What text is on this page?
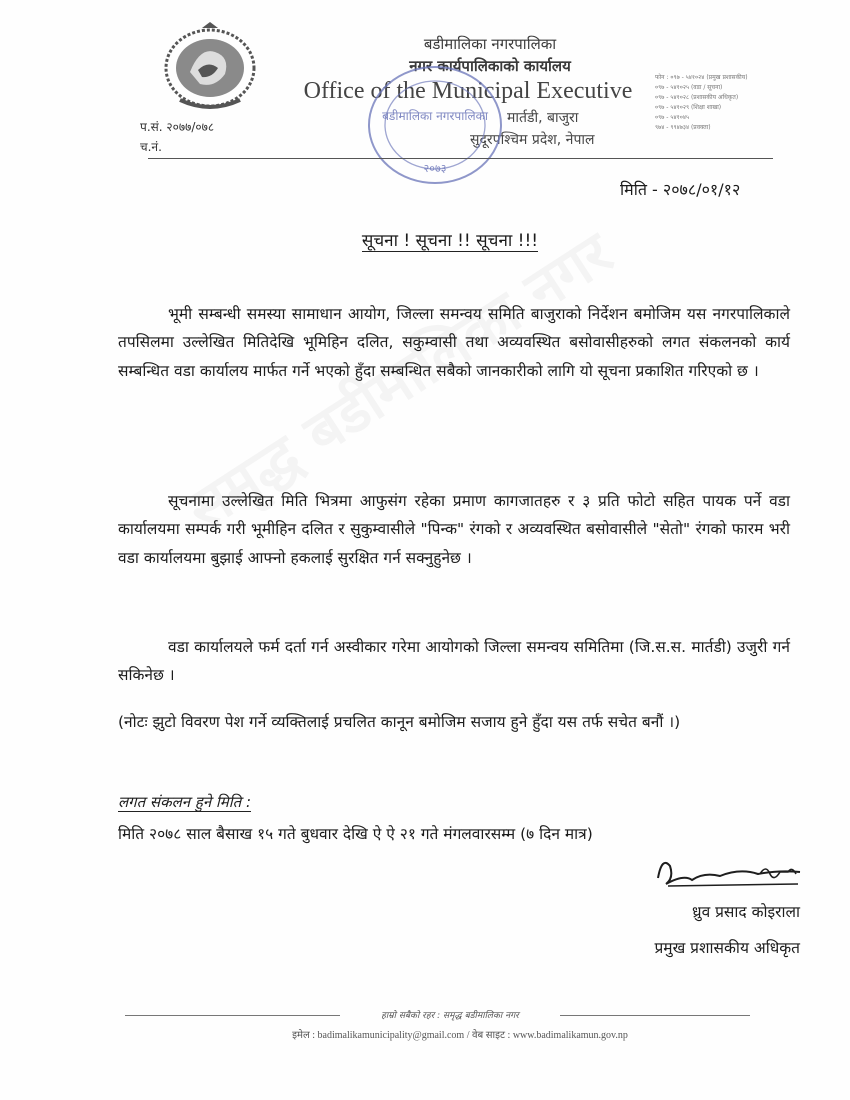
प.सं. २०७७/०७८
च.नं.
बडीमालिका नगरपालिका
नगर कार्यपालिकाको कार्यालय
Office of the Municipal Executive
मार्तडी, बाजुरा
सुदूरपश्चिम प्रदेश, नेपाल
फोन : ०९७ - ५४१०२४ (प्रमुख प्रशासकीय)
०९७ - ५४१०२५ (वडा / सूचना)
०९७ - ५४१०२८ (प्रशासकीय अधिकृत)
०९७ - ५४१०२९ (शिक्षा शाखा)
०९७ - ५४१०४५
९७४ - ९९४७३४ (प्रवक्ता)
बडीमालिका नगरपालिका
२०७३
मिति - २०७८/०१/१२
सूचना ! सूचना !! सूचना !!!
भूमी सम्बन्धी समस्या सामाधान आयोग, जिल्ला समन्वय समिति बाजुराको निर्देशन बमोजिम यस नगरपालिकाले तपसिलमा उल्लेखित मितिदेखि भूमिहिन दलित, सकुम्वासी तथा अव्यवस्थित बसोवासीहरुको लगत संकलनको कार्य सम्बन्धित वडा कार्यालय मार्फत गर्ने भएको हुँदा सम्बन्धित सबैको जानकारीको लागि यो सूचना प्रकाशित गरिएको छ ।
सूचनामा उल्लेखित मिति भित्रमा आफुसंग रहेका प्रमाण कागजातहरु र ३ प्रति फोटो सहित पायक पर्ने वडा कार्यालयमा सम्पर्क गरी भूमीहिन दलित र सुकुम्वासीले "पिन्क" रंगको र अव्यवस्थित बसोवासीले "सेतो" रंगको फारम भरी वडा कार्यालयमा बुझाई आफ्नो हकलाई सुरक्षित गर्न सक्नुहुनेछ ।
वडा कार्यालयले फर्म दर्ता गर्न अस्वीकार गरेमा आयोगको जिल्ला समन्वय समितिमा (जि.स.स. मार्तडी) उजुरी गर्न सकिनेछ ।
(नोटः झुटो विवरण पेश गर्ने व्यक्तिलाई प्रचलित कानून बमोजिम सजाय हुने हुँदा यस तर्फ सचेत बनौं ।)
लगत संकलन हुने मिति :
मिति २०७८ साल बैसाख १५ गते बुधवार देखि ऐ ऐ २१ गते मंगलवारसम्म (७ दिन मात्र)
ध्रुव प्रसाद कोइराला
प्रमुख प्रशासकीय अधिकृत
हाम्रो सबैको रहर : समृद्ध बडीमालिका नगर
इमेल : badimalikamunicipality@gmail.com / वेब साइट : www.badimalikamun.gov.np
